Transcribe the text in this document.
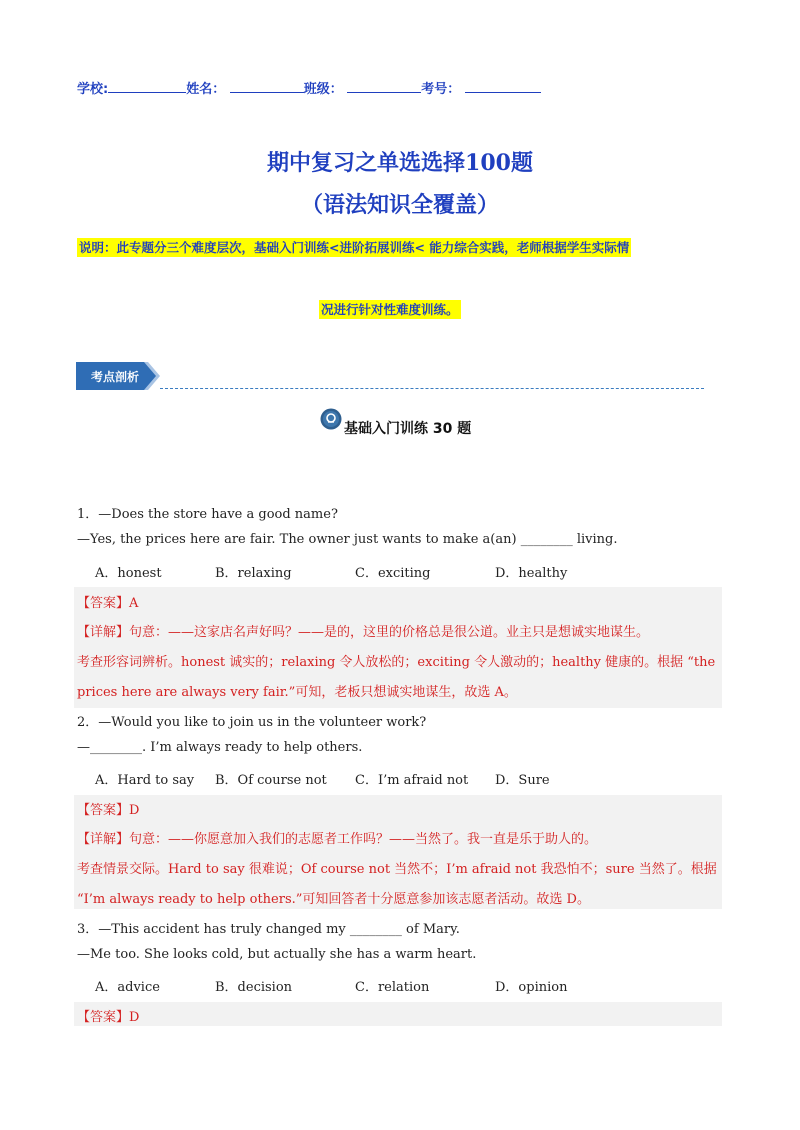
学校:	姓名：	班级：	考号：
期中复习之单选选择100题
（语法知识全覆盖）
说明：此专题分三个难度层次，基础入门训练<进阶拓展训练< 能力综合实践，老师根据学生实际情
况进行针对性难度训练。
考点剖析
基础入门训练 30 题
1．—Does the store have a good name?
—Yes, the prices here are fair. The owner just wants to make a(an) ________ living.
A．honest	B．relaxing	C．exciting	D．healthy
【答案】A
【详解】句意：——这家店名声好吗？——是的，这里的价格总是很公道。业主只是想诚实地谋生。
考查形容词辨析。honest 诚实的；relaxing 令人放松的；exciting 令人激动的；healthy 健康的。根据 “the
prices here are always very fair.”可知，老板只想诚实地谋生，故选 A。
2．—Would you like to join us in the volunteer work?
—________. I’m always ready to help others.
A．Hard to say B．Of course not C．I’m afraid not D．Sure
【答案】D
【详解】句意：——你愿意加入我们的志愿者工作吗？——当然了。我一直是乐于助人的。
考查情景交际。Hard to say 很难说；Of course not 当然不；I’m afraid not 我恐怕不；sure 当然了。根据
“I’m always ready to help others.”可知回答者十分愿意参加该志愿者活动。故选 D。
3．—This accident has truly changed my ________ of Mary.
—Me too. She looks cold, but actually she has a warm heart.
A．advice	B．decision	C．relation	D．opinion
【答案】D
